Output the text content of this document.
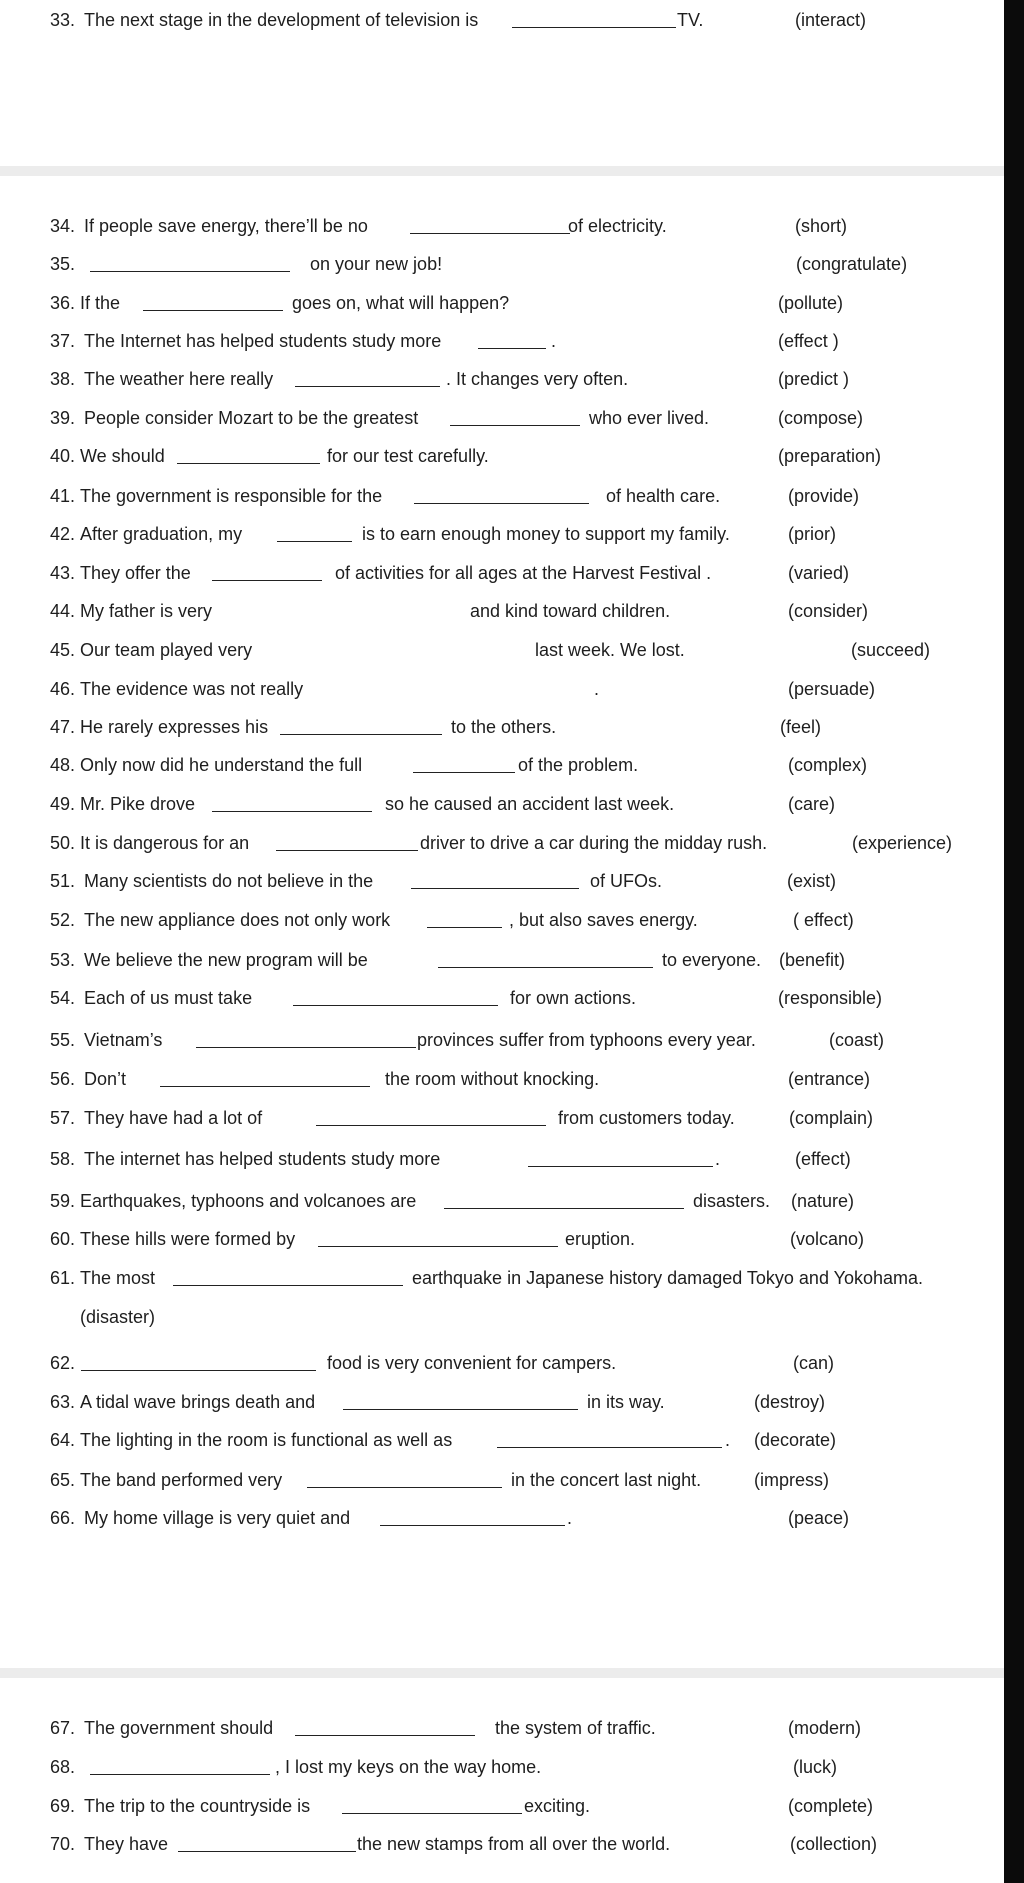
33. The next stage in the development of television is	TV.	(interact)
34. If people save energy, there’ll be no	of electricity.	(short)
35.	on your new job!	(congratulate)
36. If the	goes on, what will happen?	(pollute)
37. The Internet has helped students study more	.	(effect )
38. The weather here really	. It changes very often.	(predict )
39. People consider Mozart to be the greatest	who ever lived.	(compose)
40. We should	for our test carefully.	(preparation)
41. The government is responsible for the	of health care.	(provide)
42. After graduation, my	is to earn enough money to support my family.	(prior)
43. They offer the	of activities for all ages at the Harvest Festival .	(varied)
44. My father is very	and kind toward children.	(consider)
45. Our team played very	last week. We lost.	(succeed)
46. The evidence was not really	.	(persuade)
47. He rarely expresses his	to the others.	(feel)
48. Only now did he understand the full	of the problem.	(complex)
49. Mr. Pike drove	so he caused an accident last week.	(care)
50. It is dangerous for an	driver to drive a car during the midday rush.	(experience)
51. Many scientists do not believe in the	of UFOs.	(exist)
52. The new appliance does not only work	, but also saves energy.	( effect)
53. We believe the new program will be	to everyone. (benefit)
54. Each of us must take	for own actions.	(responsible)
55. Vietnam’s	provinces suffer from typhoons every year.	(coast)
56. Don’t	the room without knocking.	(entrance)
57. They have had a lot of	from customers today.	(complain)
58. The internet has helped students study more	.	(effect)
59. Earthquakes, typhoons and volcanoes are	disasters. (nature)
60. These hills were formed by	eruption.	(volcano)
61. The most	earthquake in Japanese history damaged Tokyo and Yokohama.
(disaster)
62.	food is very convenient for campers.	(can)
63. A tidal wave brings death and	in its way.	(destroy)
64. The lighting in the room is functional as well as	. (decorate)
65. The band performed very	in the concert last night.	(impress)
66. My home village is very quiet and	.	(peace)
67. The government should	the system of traffic.	(modern)
68.	, I lost my keys on the way home.	(luck)
69. The trip to the countryside is	exciting.	(complete)
70. They have	the new stamps from all over the world.	(collection)
